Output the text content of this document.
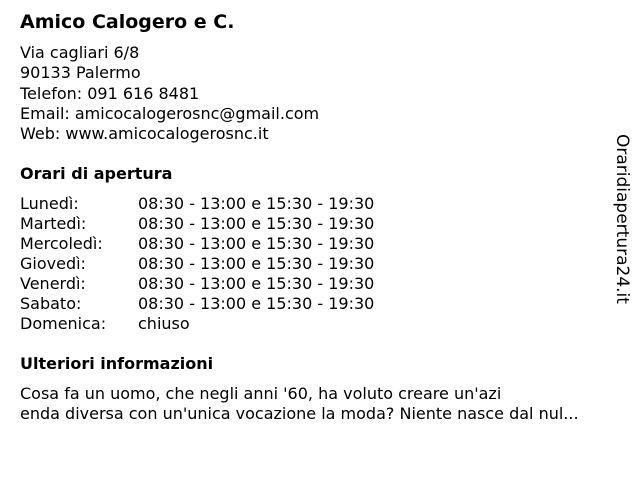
Amico Calogero e C.
Via cagliari 6/8
90133 Palermo
Telefon: 091 616 8481
Email: amicocalogerosnc@gmail.com
Web: www.amicocalogerosnc.it
Orari di apertura
Lunedì:	08:30 - 13:00 e 15:30 - 19:30
Martedì:	08:30 - 13:00 e 15:30 - 19:30
Mercoledì: 08:30 - 13:00 e 15:30 - 19:30
Giovedì:	08:30 - 13:00 e 15:30 - 19:30
Venerdì:	08:30 - 13:00 e 15:30 - 19:30
Sabato:	08:30 - 13:00 e 15:30 - 19:30
Domenica: chiuso
Ulteriori informazioni
Cosa fa un uomo, che negli anni '60, ha voluto creare un'azi
enda diversa con un'unica vocazione la moda? Niente nasce dal nul...
Oraridiapertura24.it
